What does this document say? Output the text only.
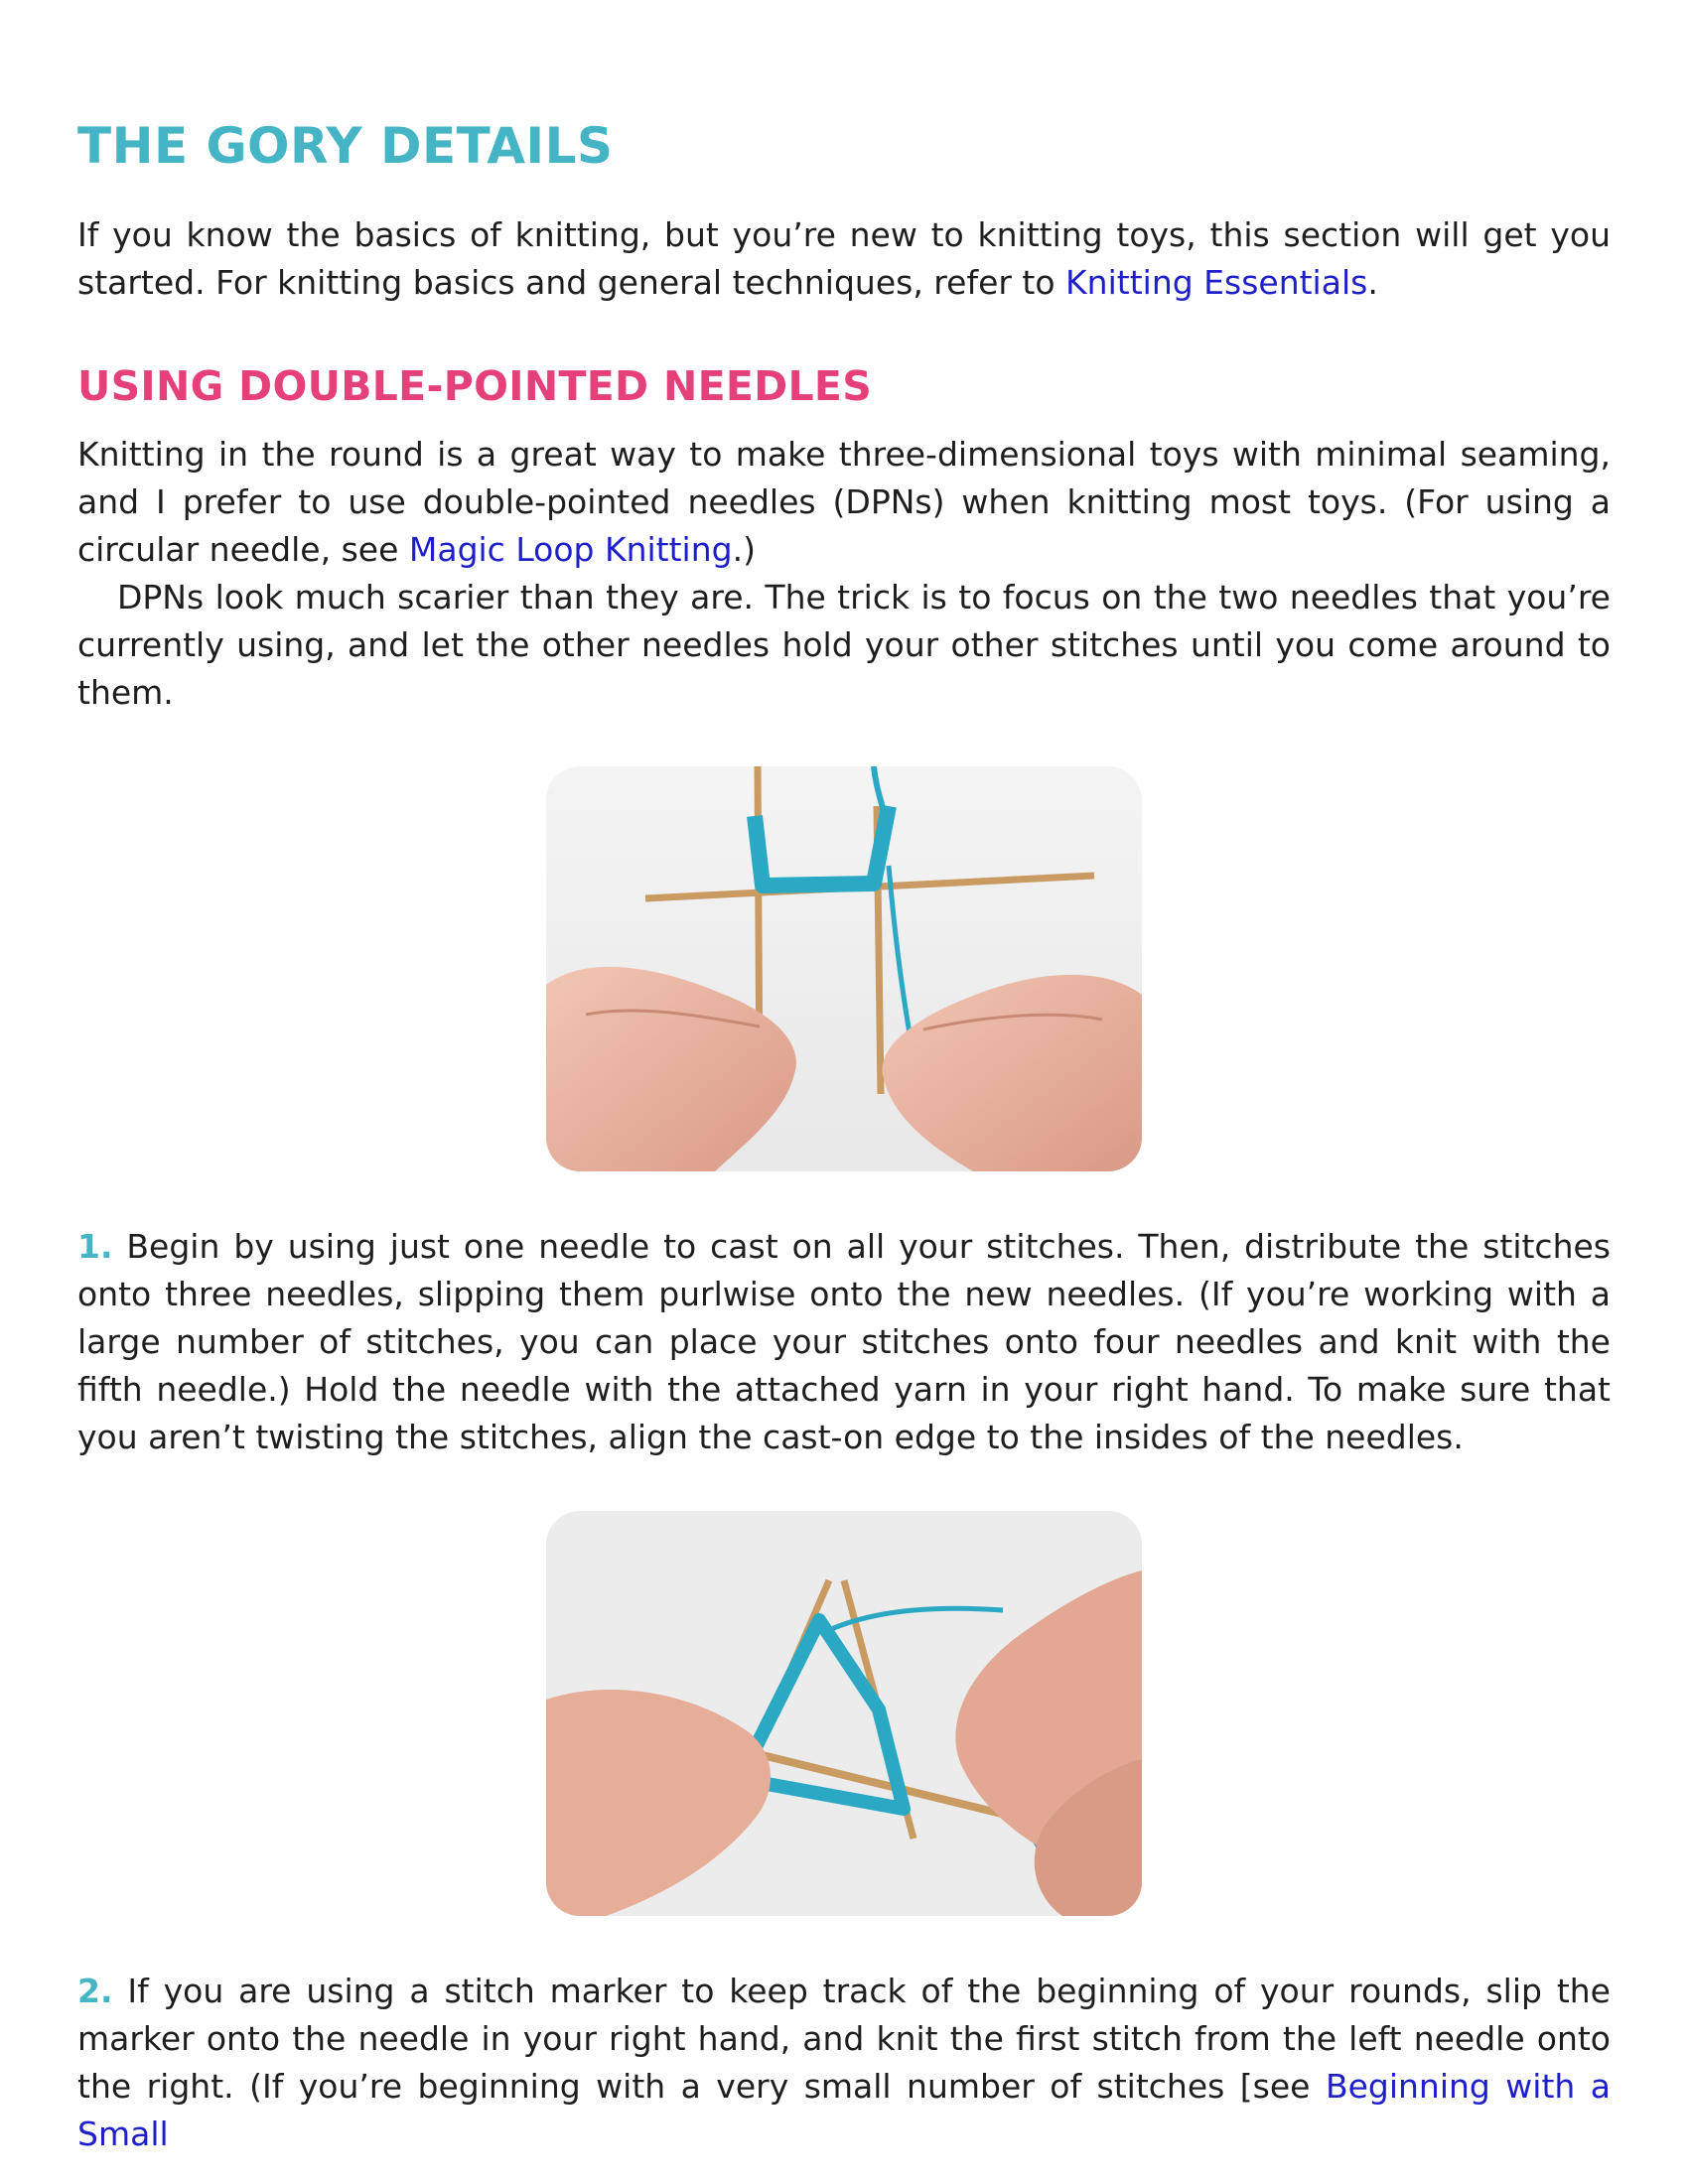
THE GORY DETAILS

If you know the basics of knitting, but you’re new to knitting toys, this section will get you started. For knitting basics and general techniques, refer to Knitting Essentials.

USING DOUBLE-POINTED NEEDLES

Knitting in the round is a great way to make three-dimensional toys with minimal seaming, and I prefer to use double-pointed needles (DPNs) when knitting most toys. (For using a circular needle, see Magic Loop Knitting.)

DPNs look much scarier than they are. The trick is to focus on the two needles that you’re currently using, and let the other needles hold your other stitches until you come around to them.

1. Begin by using just one needle to cast on all your stitches. Then, distribute the stitches onto three needles, slipping them purlwise onto the new needles. (If you’re working with a large number of stitches, you can place your stitches onto four needles and knit with the fifth needle.) Hold the needle with the attached yarn in your right hand. To make sure that you aren’t twisting the stitches, align the cast-on edge to the insides of the needles.

2. If you are using a stitch marker to keep track of the beginning of your rounds, slip the marker onto the needle in your right hand, and knit the first stitch from the left needle onto the right. (If you’re beginning with a very small number of stitches [see Beginning with a Small
